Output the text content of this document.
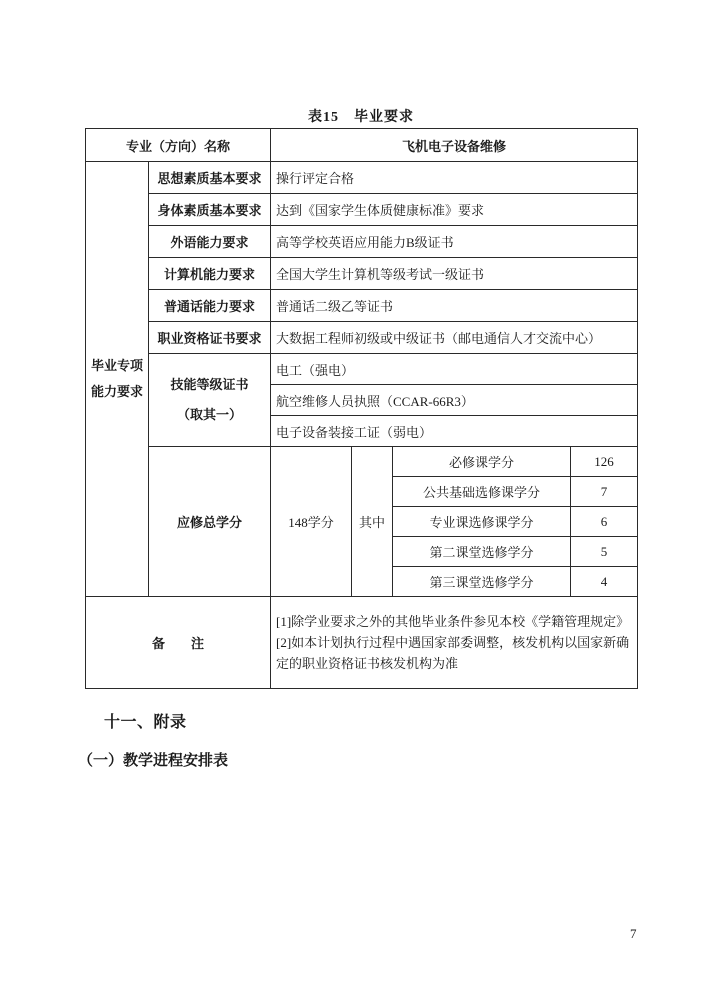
表15　毕业要求
专业（方向）名称		飞机电子设备维修			

毕业专项
能力要求	思想素质基本要求	操行评定合格			
	身体素质基本要求	达到《国家学生体质健康标准》要求			
	外语能力要求	高等学校英语应用能力B级证书			
	计算机能力要求	全国大学生计算机等级考试一级证书			
	普通话能力要求	普通话二级乙等证书			
	职业资格证书要求	大数据工程师初级或中级证书（邮电通信人才交流中心）			

	技能等级证书
（取其一）	电工（强电）			
		航空维修人员执照（CCAR-66R3）			
		电子设备装接工证（弱电）			
	应修总学分	148学分	其中	必修课学分	126
				公共基础选修课学分	7
				专业课选修课学分	6
				第二课堂选修学分	5
				第三课堂选修学分	4
备　　注		[1]除学业要求之外的其他毕业条件参见本校《学籍管理规定》
[2]如本计划执行过程中遇国家部委调整，核发机构以国家新确定的职业资格证书核发机构为准			
十一、附录
（一）教学进程安排表
7
